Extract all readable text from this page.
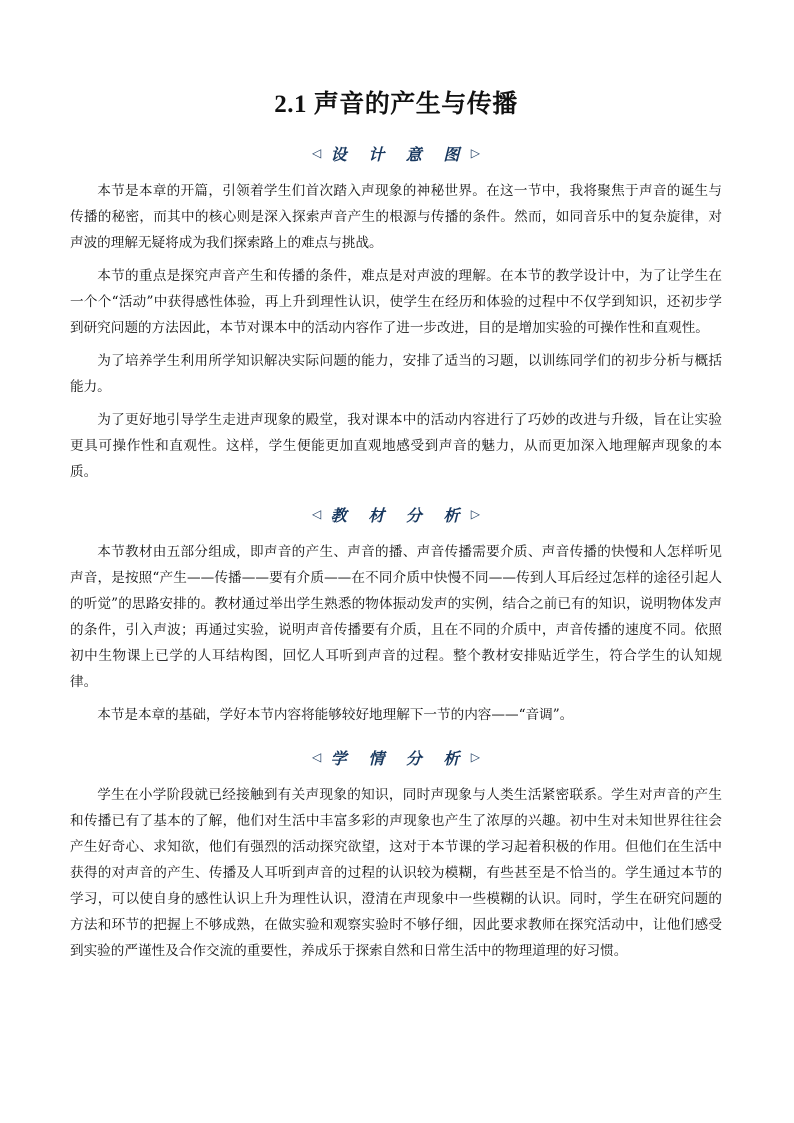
2.1 声音的产生与传播
◁ 设 计 意 图 ▷

本节是本章的开篇，引领着学生们首次踏入声现象的神秘世界。在这一节中，我将聚焦于声音的诞生与传播的秘密，而其中的核心则是深入探索声音产生的根源与传播的条件。然而，如同音乐中的复杂旋律，对声波的理解无疑将成为我们探索路上的难点与挑战。

本节的重点是探究声音产生和传播的条件，难点是对声波的理解。在本节的教学设计中，为了让学生在一个个“活动”中获得感性体验，再上升到理性认识，使学生在经历和体验的过程中不仅学到知识，还初步学到研究问题的方法因此，本节对课本中的活动内容作了进一步改进，目的是增加实验的可操作性和直观性。

为了培养学生利用所学知识解决实际问题的能力，安排了适当的习题，以训练同学们的初步分析与概括能力。

为了更好地引导学生走进声现象的殿堂，我对课本中的活动内容进行了巧妙的改进与升级，旨在让实验更具可操作性和直观性。这样，学生便能更加直观地感受到声音的魅力，从而更加深入地理解声现象的本质。

◁ 教 材 分 析 ▷

本节教材由五部分组成，即声音的产生、声音的播、声音传播需要介质、声音传播的快慢和人怎样听见声音，是按照“产生——传播——要有介质——在不同介质中快慢不同——传到人耳后经过怎样的途径引起人的听觉”的思路安排的。教材通过举出学生熟悉的物体振动发声的实例，结合之前已有的知识，说明物体发声的条件，引入声波；再通过实验，说明声音传播要有介质，且在不同的介质中，声音传播的速度不同。依照初中生物课上已学的人耳结构图，回忆人耳听到声音的过程。整个教材安排贴近学生，符合学生的认知规律。

本节是本章的基础，学好本节内容将能够较好地理解下一节的内容——“音调”。

◁ 学 情 分 析 ▷

学生在小学阶段就已经接触到有关声现象的知识，同时声现象与人类生活紧密联系。学生对声音的产生和传播已有了基本的了解，他们对生活中丰富多彩的声现象也产生了浓厚的兴趣。初中生对未知世界往往会产生好奇心、求知欲，他们有强烈的活动探究欲望，这对于本节课的学习起着积极的作用。但他们在生活中获得的对声音的产生、传播及人耳听到声音的过程的认识较为模糊，有些甚至是不恰当的。学生通过本节的学习，可以使自身的感性认识上升为理性认识，澄清在声现象中一些模糊的认识。同时，学生在研究问题的方法和环节的把握上不够成熟，在做实验和观察实验时不够仔细，因此要求教师在探究活动中，让他们感受到实验的严谨性及合作交流的重要性，养成乐于探索自然和日常生活中的物理道理的好习惯。
